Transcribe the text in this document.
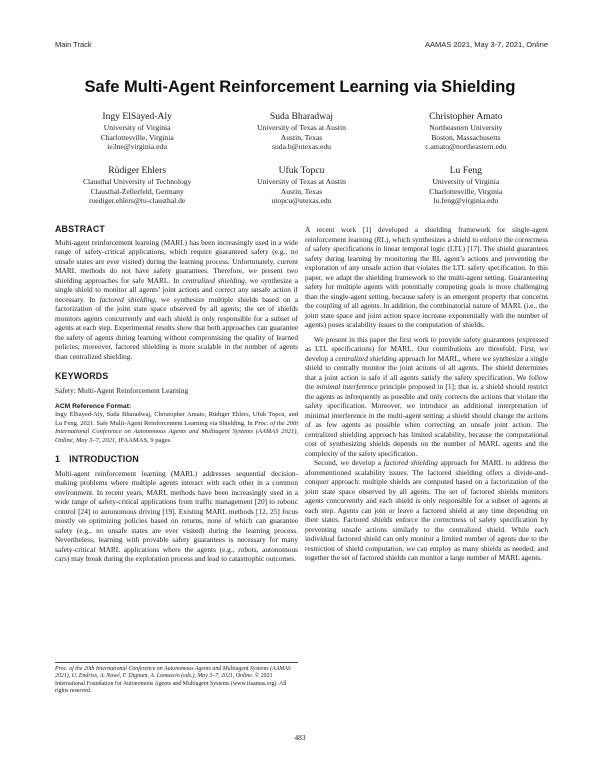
Main Track	AAMAS 2021, May 3-7, 2021, Online
Safe Multi-Agent Reinforcement Learning via Shielding
Ingy ElSayed-Aly
University of Virginia
Charlottesville, Virginia
ie3ne@virginia.edu
Suda Bharadwaj
University of Texas at Austin
Austin, Texas
suda.b@utexas.edu
Christopher Amato
Northeastern University
Boston, Massachusetts
c.amato@northeastern.edu
Rüdiger Ehlers
Clausthal University of Technology
Clausthal-Zellerfeld, Germany
ruediger.ehlers@tu-clausthal.de
Ufuk Topcu
University of Texas at Austin
Austin, Texas
utopcu@utexas.edu
Lu Feng
University of Virginia
Charlottesville, Virginia
lu.feng@virginia.edu
ABSTRACT

Multi-agent reinforcement learning (MARL) has been increasingly used in a wide range of safety-critical applications, which require guaranteed safety (e.g., no unsafe states are ever visited) during the learning process. Unfortunately, current MARL methods do not have safety guarantees. Therefore, we present two shielding approaches for safe MARL. In centralized shielding, we synthesize a single shield to monitor all agents’ joint actions and correct any unsafe action if necessary. In factored shielding, we synthesize multiple shields based on a factorization of the joint state space observed by all agents; the set of shields monitors agents concurrently and each shield is only responsible for a subset of agents at each step. Experimental results show that both approaches can guarantee the safety of agents during learning without compromising the quality of learned policies; moreover, factored shielding is more scalable in the number of agents than centralized shielding.

KEYWORDS

Safety; Multi-Agent Reinforcement Learning

ACM Reference Format:
Ingy ElSayed-Aly, Suda Bharadwaj, Christopher Amato, Rüdiger Ehlers, Ufuk Topcu, and Lu Feng. 2021. Safe Multi-Agent Reinforcement Learning via Shielding. In Proc. of the 20th International Conference on Autonomous Agents and Multiagent Systems (AAMAS 2021), Online, May 3–7, 2021, IFAAMAS, 9 pages.
1 INTRODUCTION

Multi-agent reinforcement learning (MARL) addresses sequential decision-making problems where multiple agents interact with each other in a common environment. In recent years, MARL methods have been increasingly used in a wide range of safety-critical applications from traffic management [20] to robotic control [24] to autonomous driving [19]. Existing MARL methods [12, 25] focus mostly on optimizing policies based on returns, none of which can guarantee safety (e.g., no unsafe states are ever visited) during the learning process. Nevertheless, learning with provable safety guarantees is necessary for many safety-critical MARL applications where the agents (e.g., robots, autonomous cars) may break during the exploration process and lead to catastrophic outcomes.

Proc. of the 20th International Conference on Autonomous Agents and Multiagent Systems (AAMAS 2021), U. Endriss, A. Nowé, F. Dignum, A. Lomuscio (eds.), May 3–7, 2021, Online. © 2021 International Foundation for Autonomous Agents and Multiagent Systems (www.ifaamas.org). All rights reserved.

A recent work [1] developed a shielding framework for single-agent reinforcement learning (RL), which synthesizes a shield to enforce the correctness of safety specifications in linear temporal logic (LTL) [17]. The shield guarantees safety during learning by monitoring the RL agent’s actions and preventing the exploration of any unsafe action that violates the LTL safety specification. In this paper, we adapt the shielding framework to the multi-agent setting. Guaranteeing safety for multiple agents with potentially competing goals is more challenging than the single-agent setting, because safety is an emergent property that concerns the coupling of all agents. In addition, the combinatorial nature of MARL (i.e., the joint state space and joint action space increase exponentially with the number of agents) poses scalability issues to the computation of shields.

We present in this paper the first work to provide safety guarantees (expressed as LTL specifications) for MARL. Our contributions are threefold. First, we develop a centralized shielding approach for MARL, where we synthesize a single shield to centrally monitor the joint actions of all agents. The shield determines that a joint action is safe if all agents satisfy the safety specification. We follow the minimal interference principle proposed in [1]; that is, a shield should restrict the agents as infrequently as possible and only corrects the actions that violate the safety specification. Moreover, we introduce an additional interpretation of minimal interference in the multi-agent setting: a shield should change the actions of as few agents as possible when correcting an unsafe joint action. The centralized shielding approach has limited scalability, because the computational cost of synthesizing shields depends on the number of MARL agents and the complexity of the safety specification.

Second, we develop a factored shielding approach for MARL to address the aforementioned scalability issues. The factored shielding offers a divide-and-conquer approach: multiple shields are computed based on a factorization of the joint state space observed by all agents. The set of factored shields monitors agents concurrently and each shield is only responsible for a subset of agents at each step. Agents can join or leave a factored shield at any time depending on their states. Factored shields enforce the correctness of safety specification by preventing unsafe actions similarly to the centralized shield. While each individual factored shield can only monitor a limited number of agents due to the restriction of shield computation, we can employ as many shields as needed; and together the set of factored shields can monitor a large number of MARL agents.

483
